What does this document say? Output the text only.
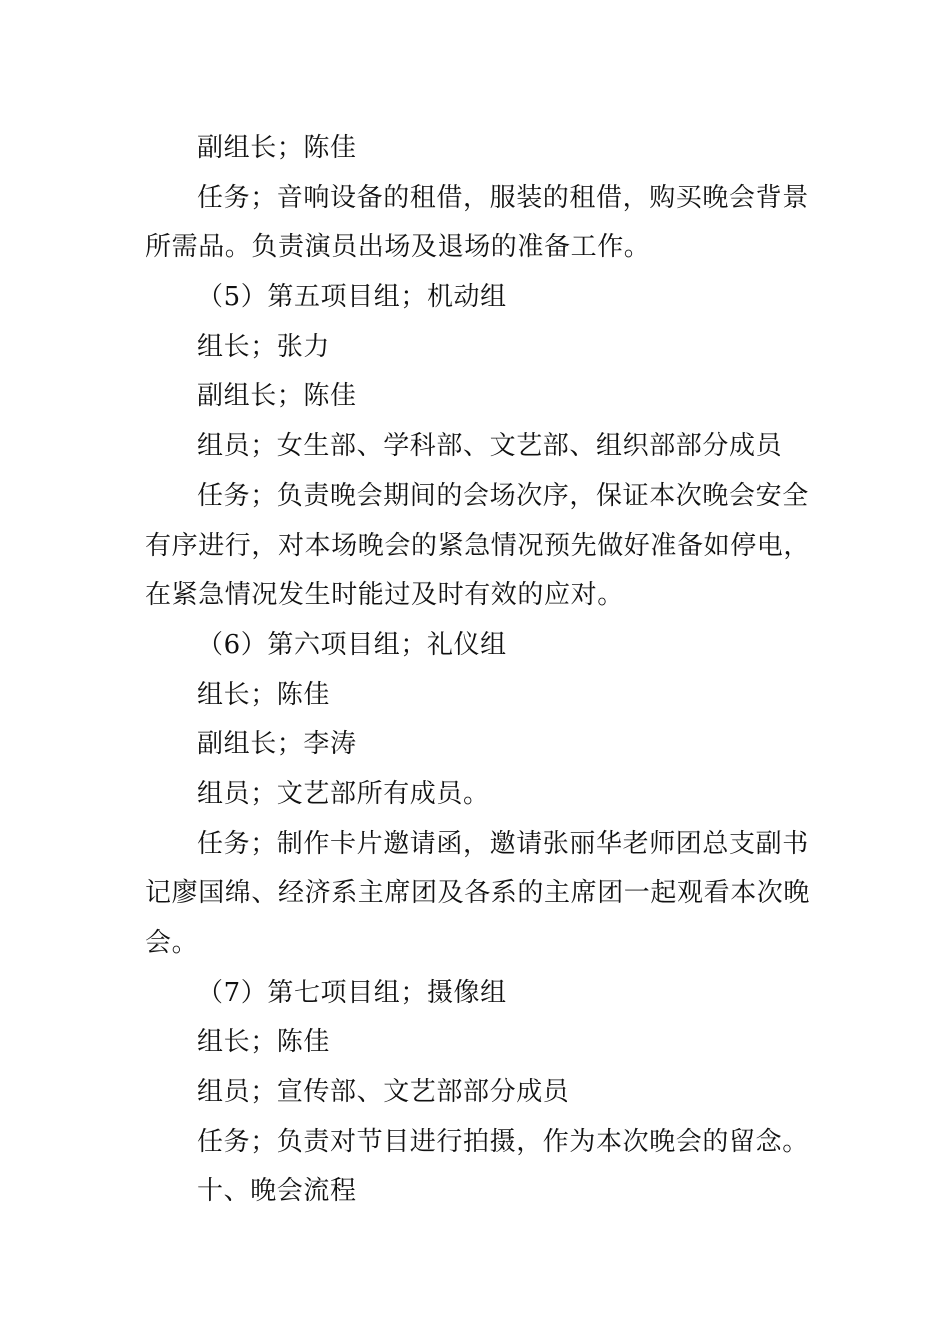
副组长；陈佳
任务；音响设备的租借，服装的租借，购买晚会背景
所需品。负责演员出场及退场的准备工作。
（5）第五项目组；机动组
组长；张力
副组长；陈佳
组员；女生部、学科部、文艺部、组织部部分成员
任务；负责晚会期间的会场次序，保证本次晚会安全
有序进行，对本场晚会的紧急情况预先做好准备如停电，
在紧急情况发生时能过及时有效的应对。
（6）第六项目组；礼仪组
组长；陈佳
副组长；李涛
组员；文艺部所有成员。
任务；制作卡片邀请函，邀请张丽华老师团总支副书
记廖国绵、经济系主席团及各系的主席团一起观看本次晚
会。
（7）第七项目组；摄像组
组长；陈佳
组员；宣传部、文艺部部分成员
任务；负责对节目进行拍摄，作为本次晚会的留念。
十、晚会流程
